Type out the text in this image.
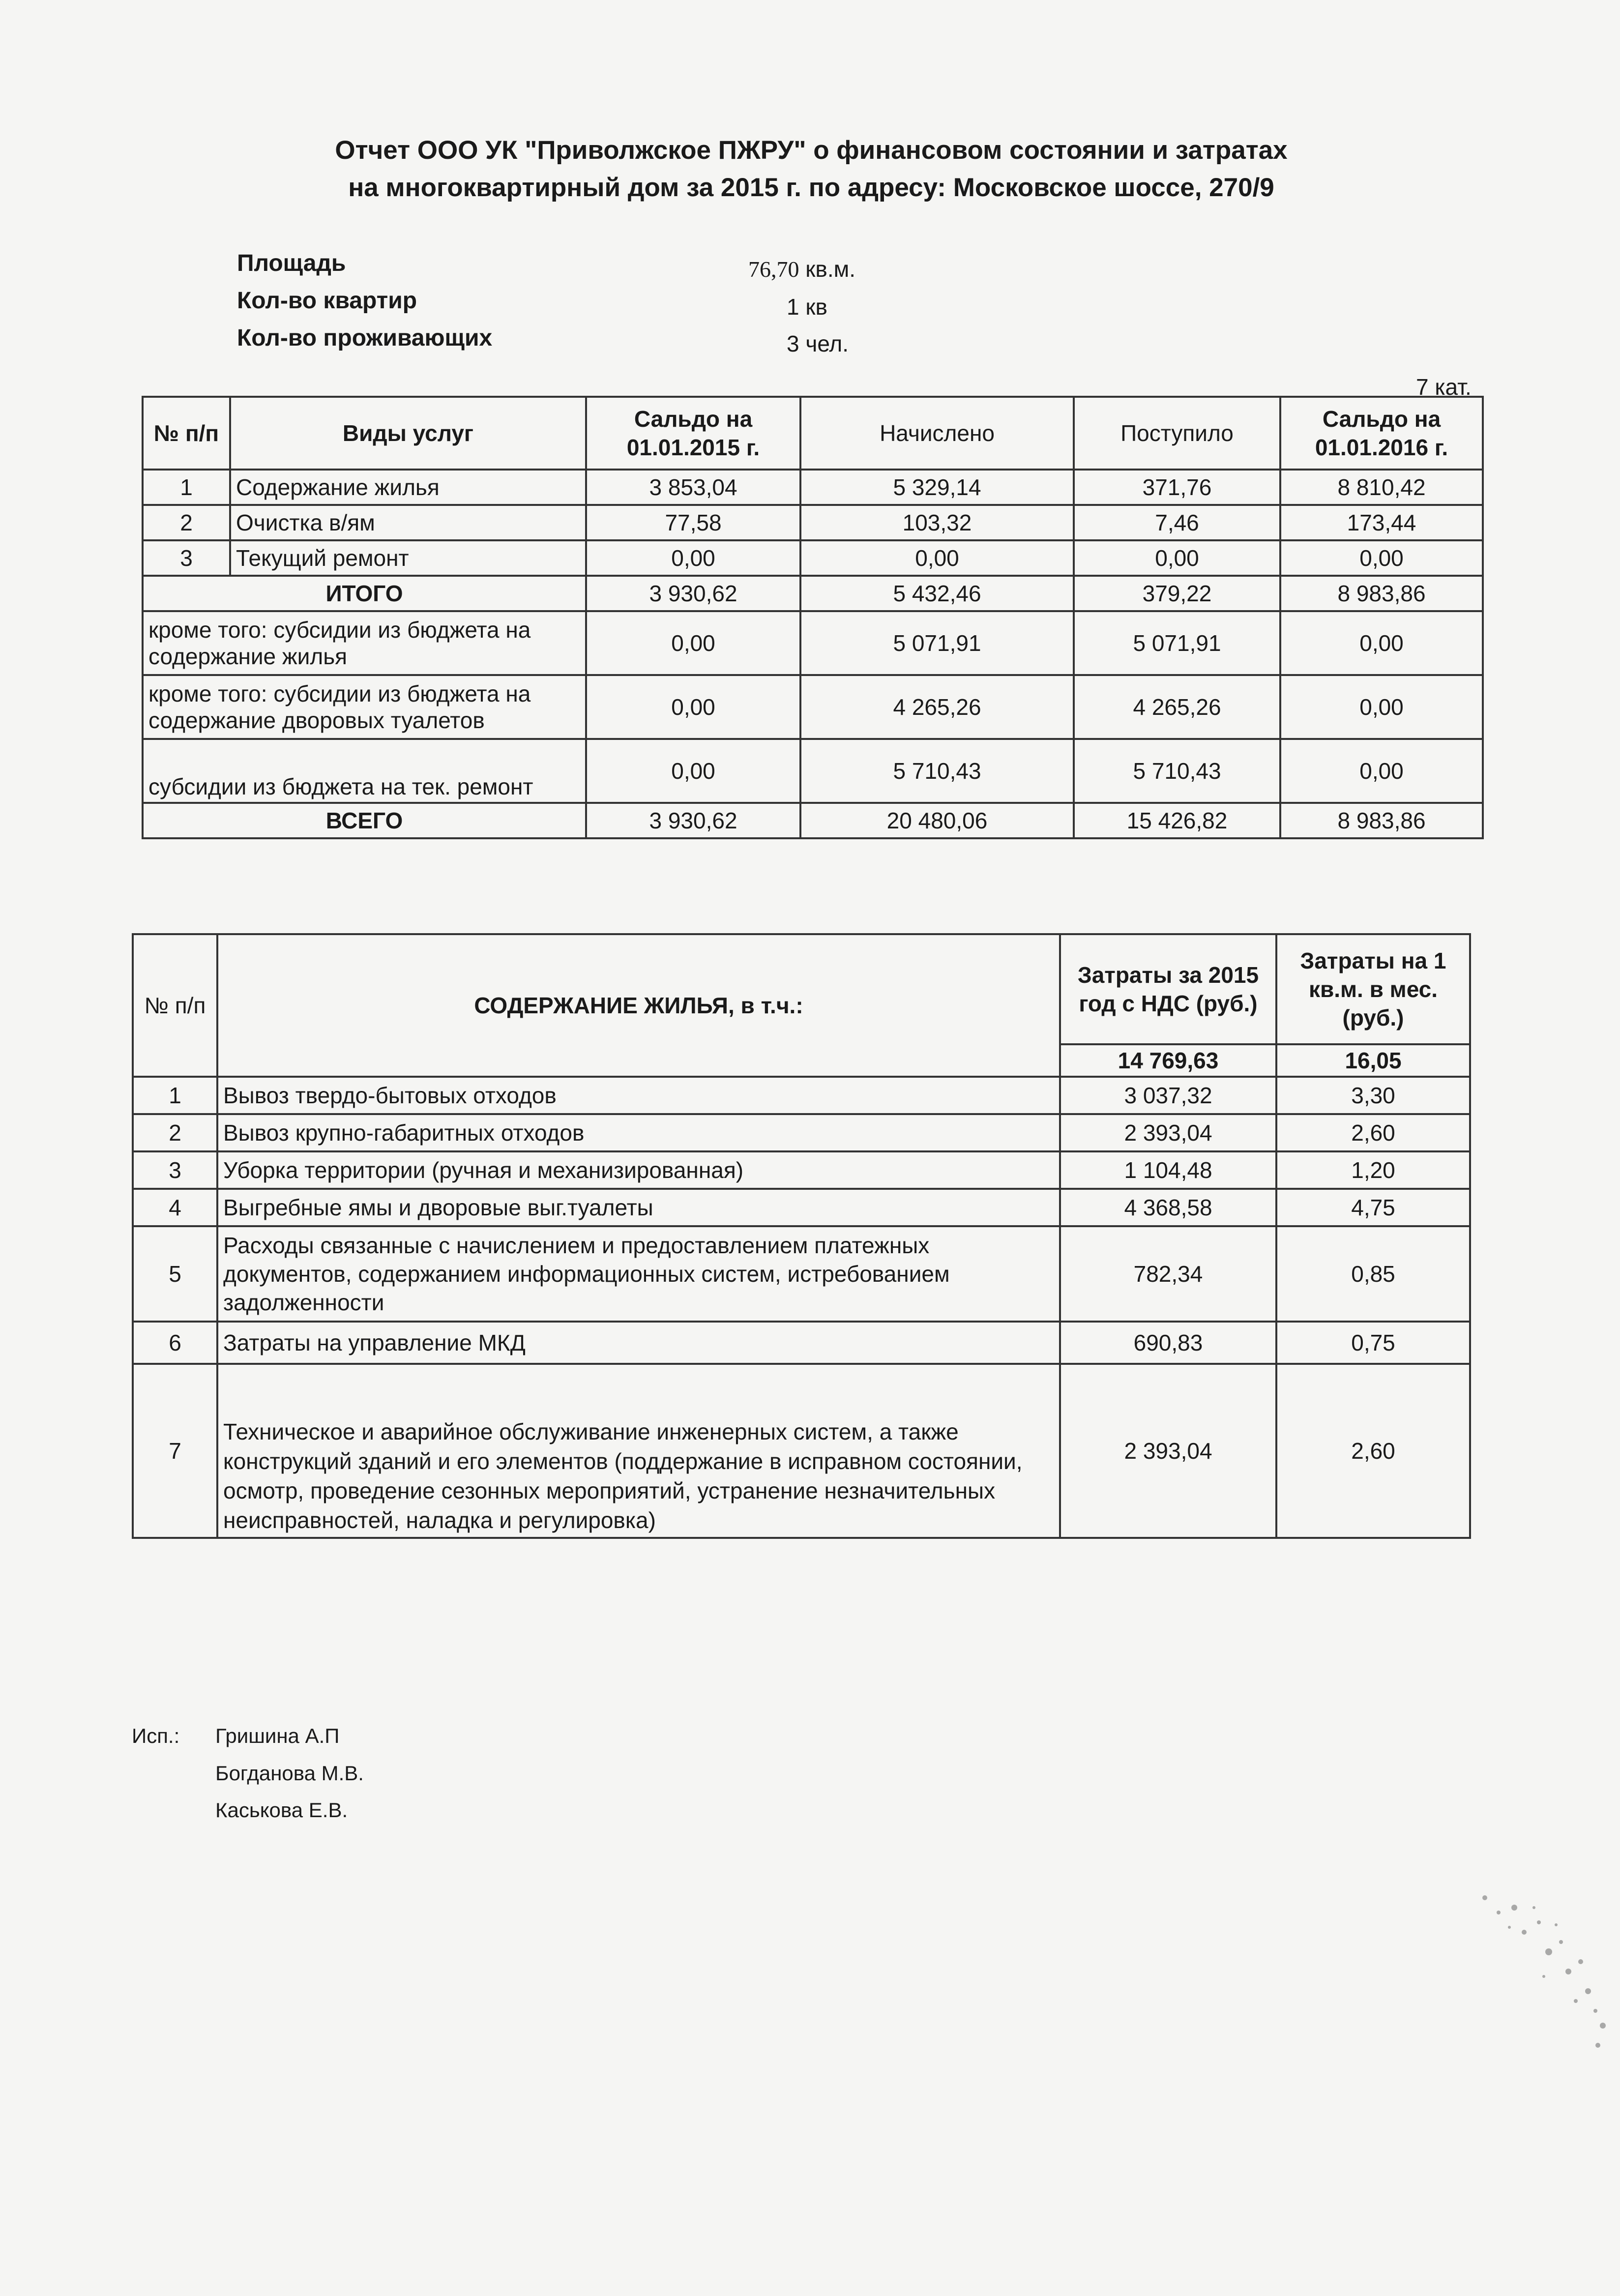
Отчет ООО УК "Приволжское ПЖРУ" о финансовом состоянии и затратах
на многоквартирный дом за 2015 г. по адресу: Московское шоссе, 270/9
Площадь	76,70 кв.м.
Кол-во квартир	1 кв
Кол-во проживающих	3 чел.
7 кат.
№ п/п	Виды услуг	Сальдо на 01.01.2015 г.	Начислено	Поступило	Сальдо на 01.01.2016 г.
1	Содержание жилья	3 853,04	5 329,14	371,76	8 810,42
2	Очистка в/ям	77,58	103,32	7,46	173,44
3	Текущий ремонт	0,00	0,00	0,00	0,00
ИТОГО		3 930,62	5 432,46	379,22	8 983,86
кроме того: субсидии из бюджета на содержание жилья		0,00	5 071,91	5 071,91	0,00
кроме того: субсидии из бюджета на содержание дворовых туалетов		0,00	4 265,26	4 265,26	0,00
субсидии из бюджета на тек. ремонт		0,00	5 710,43	5 710,43	0,00
ВСЕГО		3 930,62	20 480,06	15 426,82	8 983,86
№ п/п	СОДЕРЖАНИЕ ЖИЛЬЯ, в т.ч.:	Затраты за 2015 год с НДС (руб.)	Затраты на 1 кв.м. в мес. (руб.)
		14 769,63	16,05
1	Вывоз твердо-бытовых отходов	3 037,32	3,30
2	Вывоз крупно-габаритных отходов	2 393,04	2,60
3	Уборка территории (ручная и механизированная)	1 104,48	1,20
4	Выгребные ямы и дворовые выг.туалеты	4 368,58	4,75
5	Расходы связанные с начислением и предоставлением платежных документов, содержанием информационных систем, истребованием задолженности	782,34	0,85
6	Затраты на управление МКД	690,83	0,75
7	Техническое и аварийное обслуживание инженерных систем, а также конструкций зданий и его элементов (поддержание в исправном состоянии, осмотр, проведение сезонных мероприятий, устранение незначительных неисправностей, наладка и регулировка)	2 393,04	2,60
Исп.: Гришина А.П
Богданова М.В.
Каськова Е.В.
